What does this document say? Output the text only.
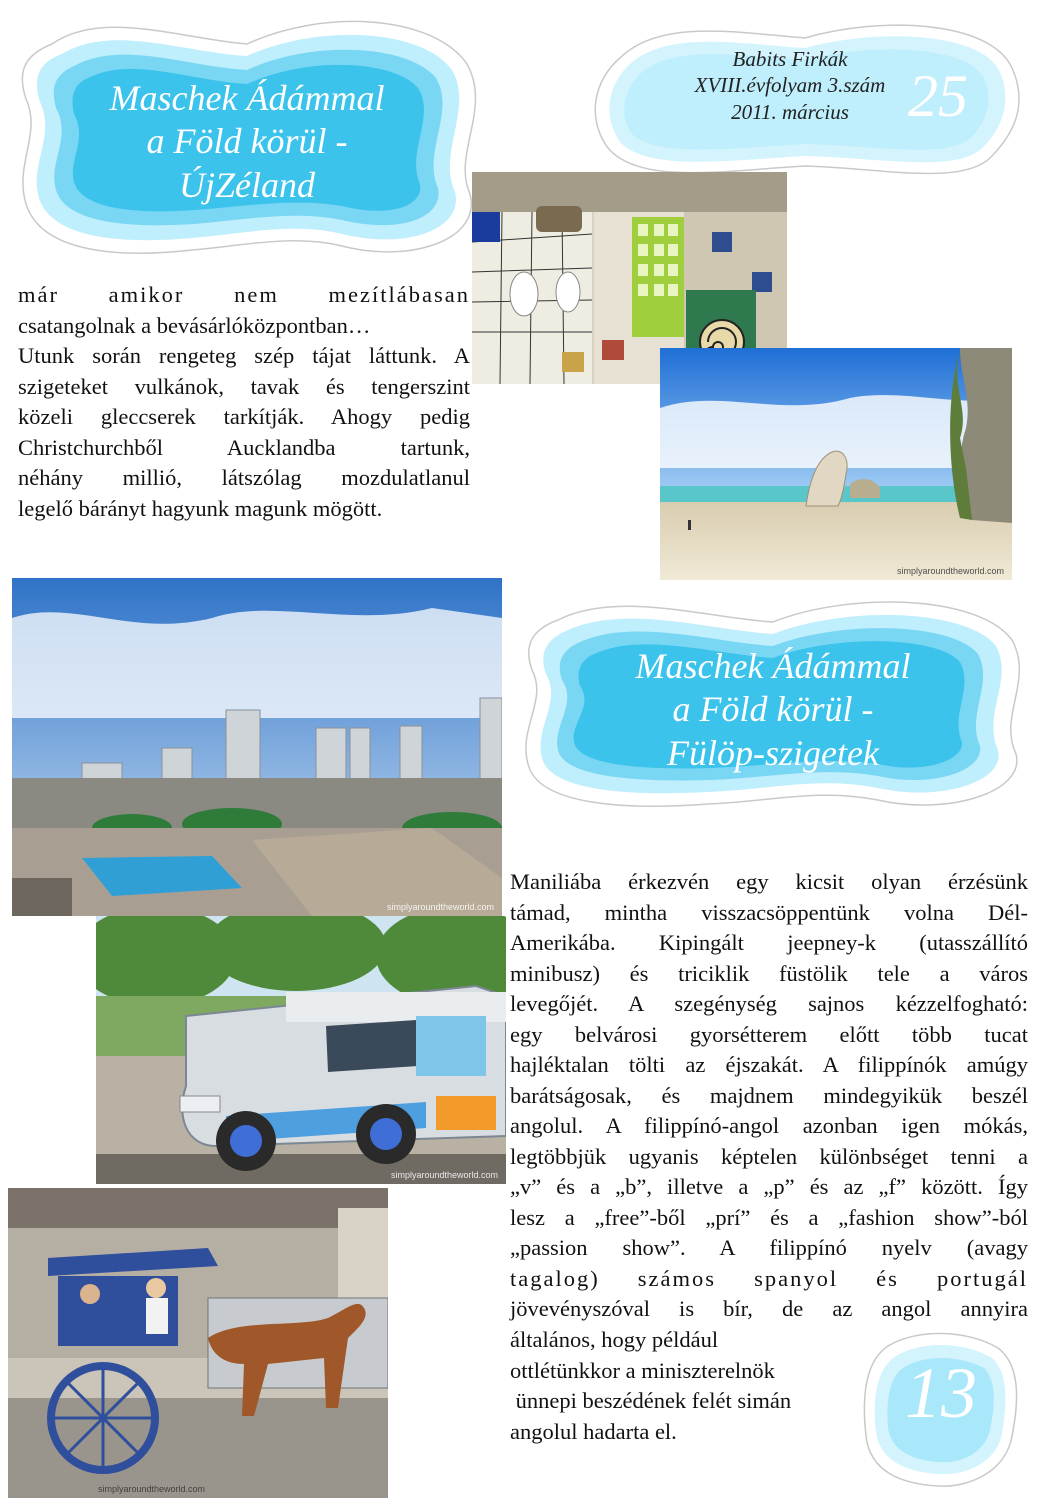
Maschek Ádámmal
a Föld körül -
ÚjZéland
Babits Firkák
XVIII.évfolyam 3.szám
2011. március 25
már amikor nem mezítlábasan
csatangolnak a bevásárlóközpontban…
Utunk során rengeteg szép tájat láttunk. A
szigeteket vulkánok, tavak és tengerszint
közeli gleccserek tarkítják. Ahogy pedig
Christchurchből Aucklandba tartunk,
néhány millió, látszólag mozdulatlanul
legelő bárányt hagyunk magunk mögött.
simplyaroundtheworld.com
simplyaroundtheworld.com
Maschek Ádámmal
a Föld körül -
Fülöp-szigetek
simplyaroundtheworld.com
simplyaroundtheworld.com
Maniliába érkezvén egy kicsit olyan érzésünk
támad, mintha visszacsöppentünk volna Dél-
Amerikába. Kipingált jeepney-k (utasszállító
minibusz) és triciklik füstölik tele a város
levegőjét. A szegénység sajnos kézzelfogható:
egy belvárosi gyorsétterem előtt több tucat
hajléktalan tölti az éjszakát. A filippínók amúgy
barátságosak, és majdnem mindegyikük beszél
angolul. A filippínó-angol azonban igen mókás,
legtöbbjük ugyanis képtelen különbséget tenni a
„v” és a „b”, illetve a „p” és az „f” között. Így
lesz a „free”-ből „prí” és a „fashion show”-ból
„passion show”. A filippínó nyelv (avagy
tagalog) számos spanyol és portugál
jövevényszóval is bír, de az angol annyira
általános, hogy például
ottlétünkkor a miniszterelnök
ünnepi beszédének felét simán
angolul hadarta el.	13
